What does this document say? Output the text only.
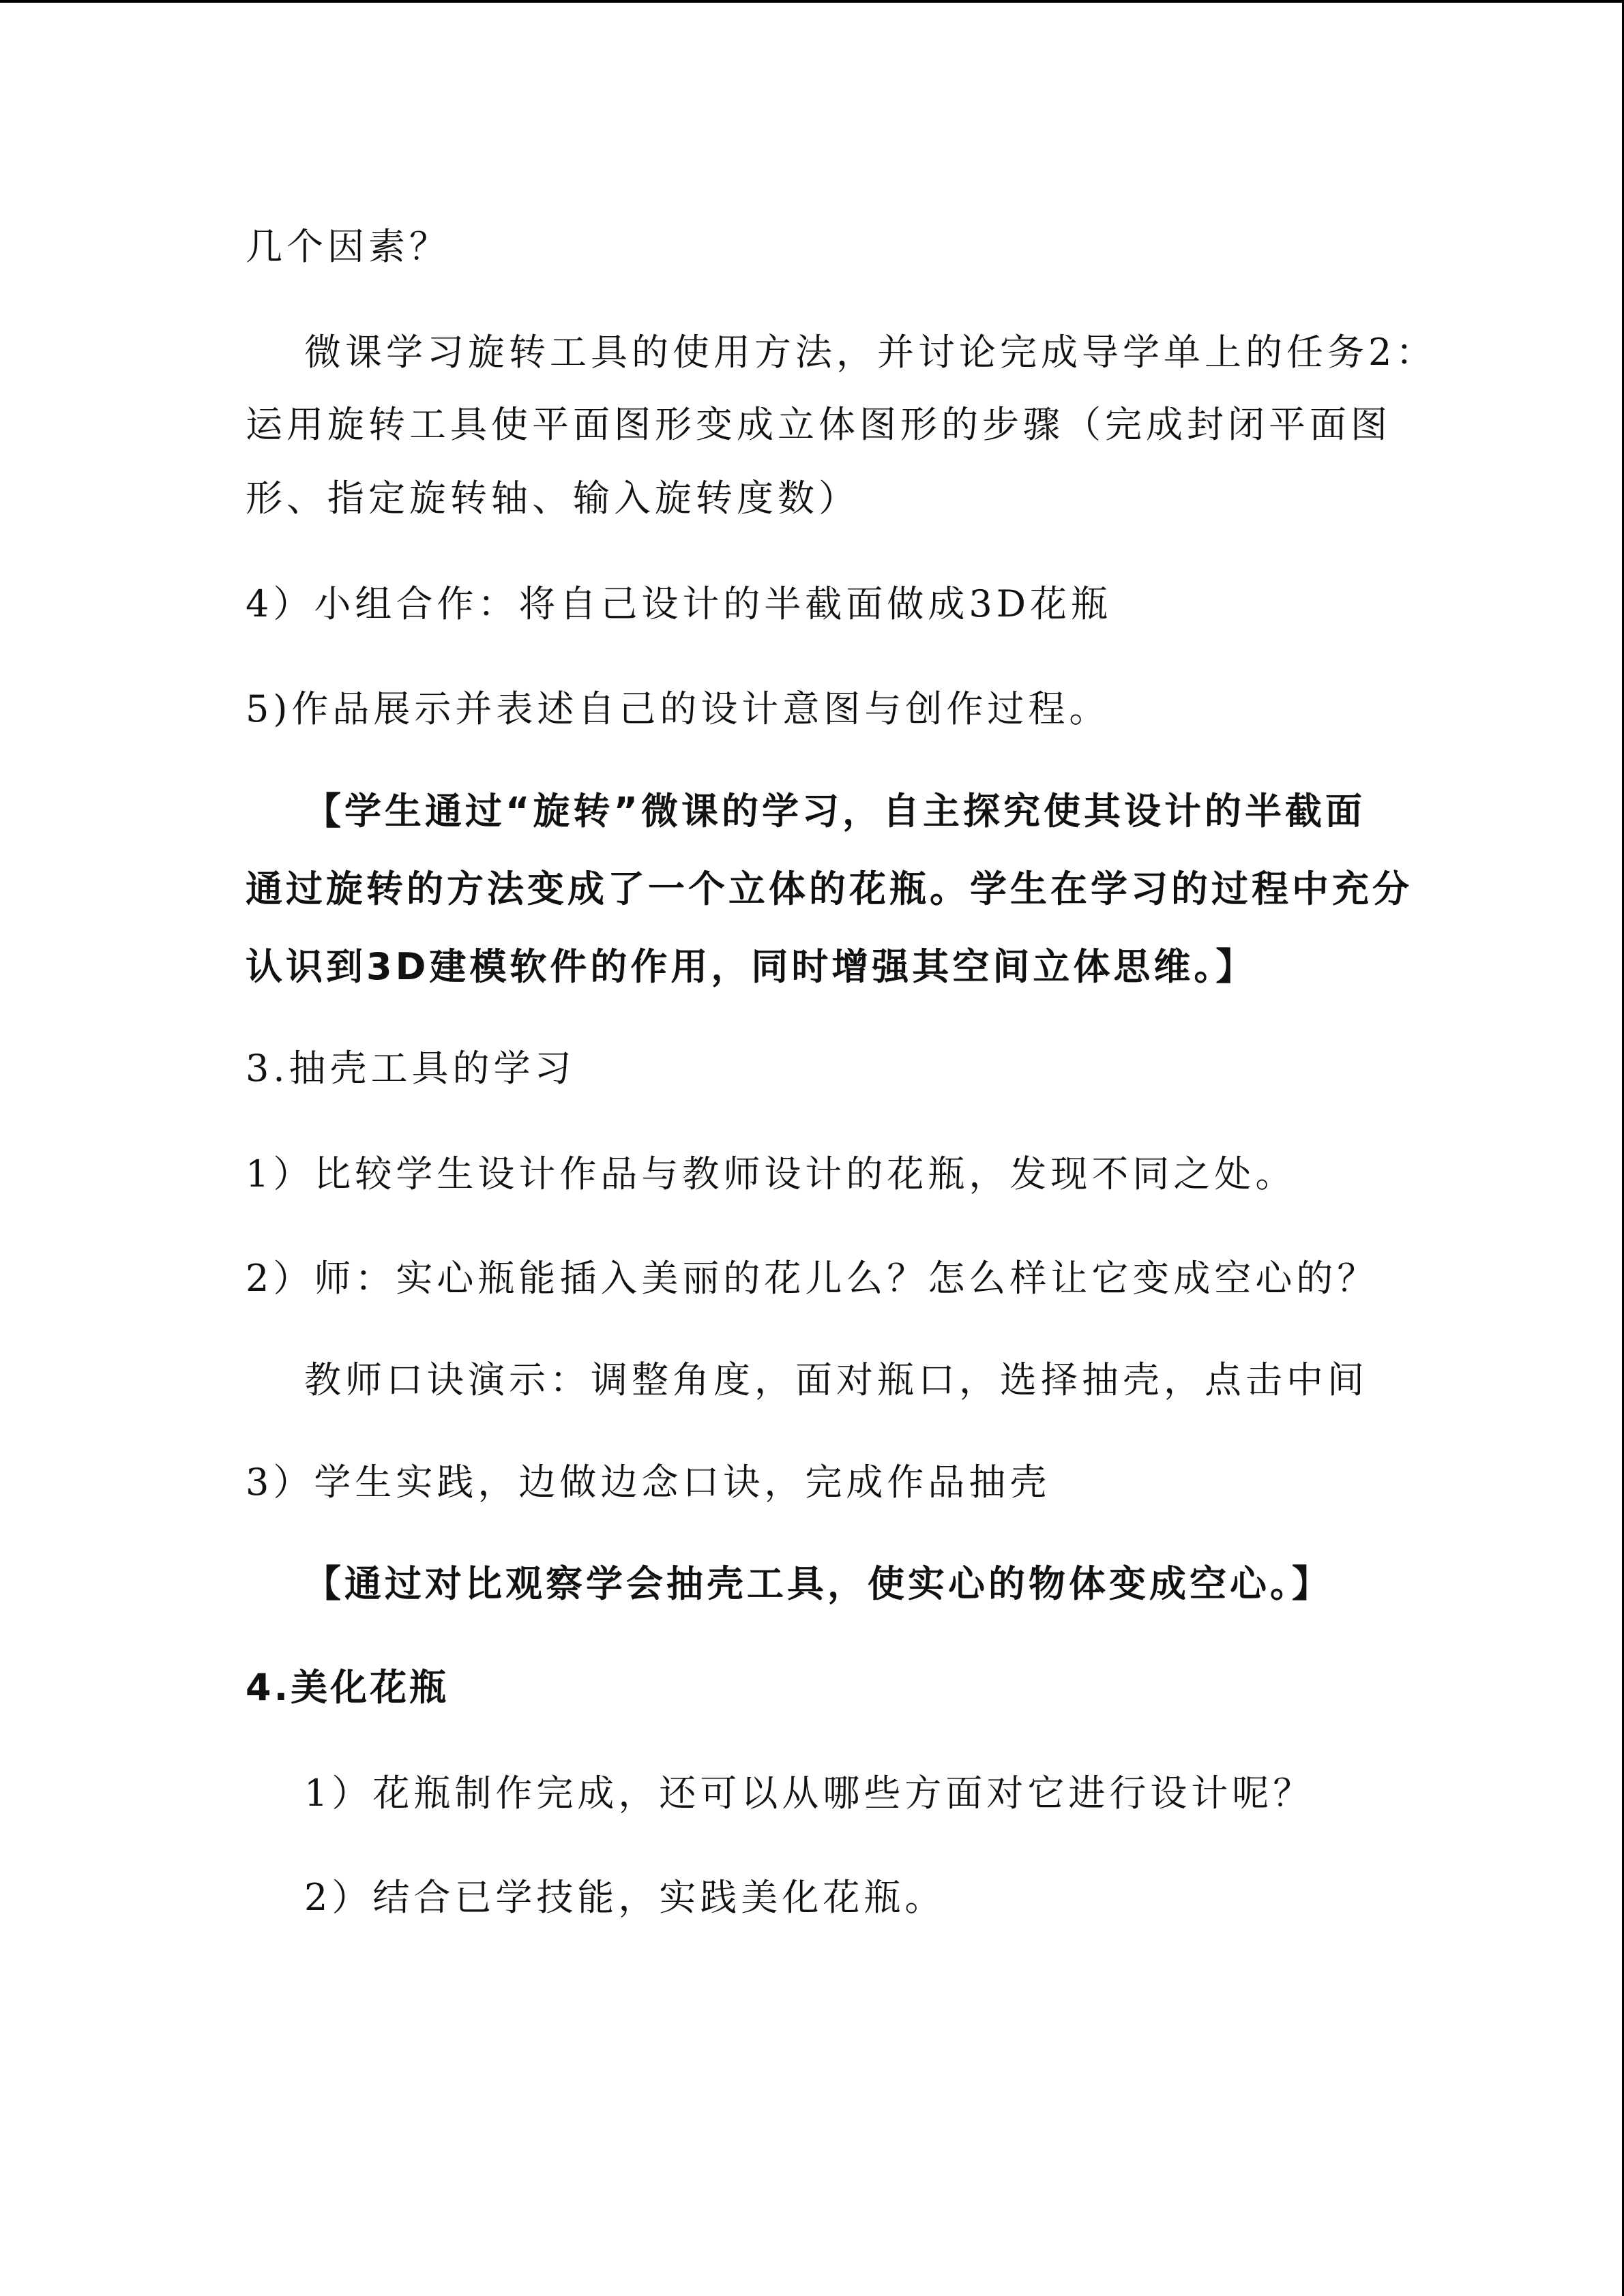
几个因素？
微课学习旋转工具的使用方法，并讨论完成导学单上的任务2：
运用旋转工具使平面图形变成立体图形的步骤（完成封闭平面图
形、指定旋转轴、输入旋转度数）
4）小组合作：将自己设计的半截面做成3D花瓶
5)作品展示并表述自己的设计意图与创作过程。
【学生通过“旋转”微课的学习，自主探究使其设计的半截面
通过旋转的方法变成了一个立体的花瓶。学生在学习的过程中充分
认识到3D建模软件的作用，同时增强其空间立体思维。】
3.抽壳工具的学习
1）比较学生设计作品与教师设计的花瓶，发现不同之处。
2）师：实心瓶能插入美丽的花儿么？怎么样让它变成空心的？
教师口诀演示：调整角度，面对瓶口，选择抽壳，点击中间
3）学生实践，边做边念口诀，完成作品抽壳
【通过对比观察学会抽壳工具，使实心的物体变成空心。】
4.美化花瓶
1）花瓶制作完成，还可以从哪些方面对它进行设计呢？
2）结合已学技能，实践美化花瓶。
